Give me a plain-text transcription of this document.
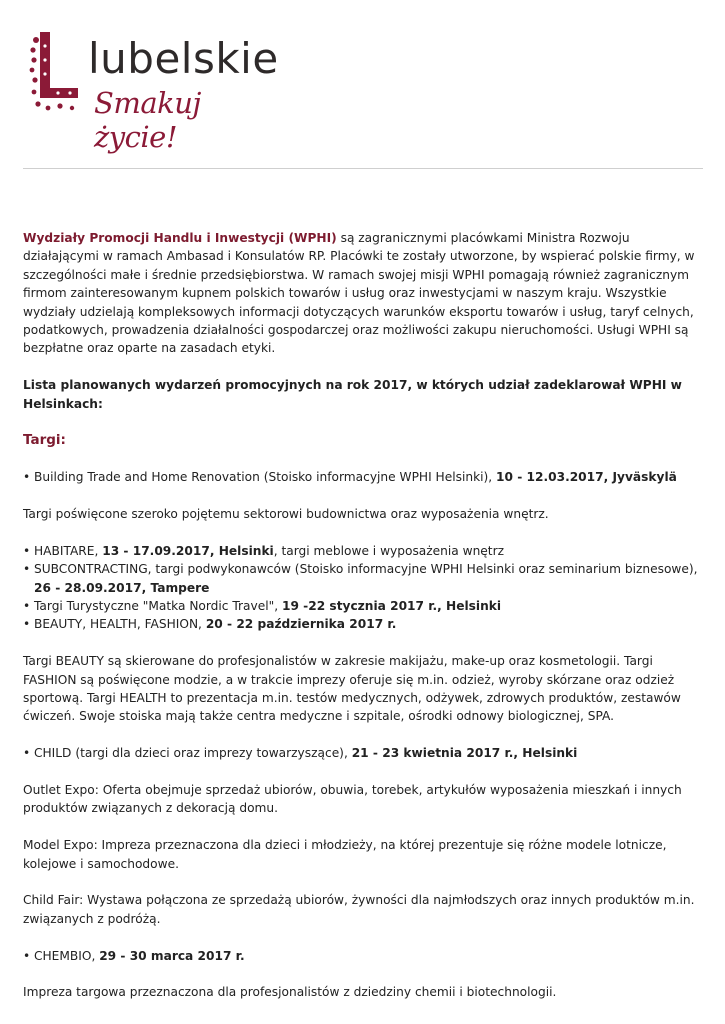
lubelskie
Smakuj życie!

Wydziały Promocji Handlu i Inwestycji (WPHI) są zagranicznymi placówkami Ministra Rozwoju działającymi w ramach Ambasad i Konsulatów RP. Placówki te zostały utworzone, by wspierać polskie firmy, w szczególności małe i średnie przedsiębiorstwa. W ramach swojej misji WPHI pomagają również zagranicznym firmom zainteresowanym kupnem polskich towarów i usług oraz inwestycjami w naszym kraju. Wszystkie wydziały udzielają kompleksowych informacji dotyczących warunków eksportu towarów i usług, taryf celnych, podatkowych, prowadzenia działalności gospodarczej oraz możliwości zakupu nieruchomości. Usługi WPHI są bezpłatne oraz oparte na zasadach etyki.

Lista planowanych wydarzeń promocyjnych na rok 2017, w których udział zadeklarował WPHI w Helsinkach:

Targi:

• Building Trade and Home Renovation (Stoisko informacyjne WPHI Helsinki), 10 - 12.03.2017, Jyväskylä

Targi poświęcone szeroko pojętemu sektorowi budownictwa oraz wyposażenia wnętrz.

• HABITARE, 13 - 17.09.2017, Helsinki, targi meblowe i wyposażenia wnętrz
• SUBCONTRACTING, targi podwykonawców (Stoisko informacyjne WPHI Helsinki oraz seminarium biznesowe), 26 - 28.09.2017, Tampere
• Targi Turystyczne "Matka Nordic Travel", 19 -22 stycznia 2017 r., Helsinki
• BEAUTY, HEALTH, FASHION, 20 - 22 października 2017 r.

Targi BEAUTY są skierowane do profesjonalistów w zakresie makijażu, make-up oraz kosmetologii. Targi FASHION są poświęcone modzie, a w trakcie imprezy oferuje się m.in. odzież, wyroby skórzane oraz odzież sportową. Targi HEALTH to prezentacja m.in. testów medycznych, odżywek, zdrowych produktów, zestawów ćwiczeń. Swoje stoiska mają także centra medyczne i szpitale, ośrodki odnowy biologicznej, SPA.

• CHILD (targi dla dzieci oraz imprezy towarzyszące), 21 - 23 kwietnia 2017 r., Helsinki

Outlet Expo: Oferta obejmuje sprzedaż ubiorów, obuwia, torebek, artykułów wyposażenia mieszkań i innych produktów związanych z dekoracją domu.

Model Expo: Impreza przeznaczona dla dzieci i młodzieży, na której prezentuje się różne modele lotnicze, kolejowe i samochodowe.

Child Fair: Wystawa połączona ze sprzedażą ubiorów, żywności dla najmłodszych oraz innych produktów m.in. związanych z podróżą.

• CHEMBIO, 29 - 30 marca 2017 r.

Impreza targowa przeznaczona dla profesjonalistów z dziedziny chemii i biotechnologii.
